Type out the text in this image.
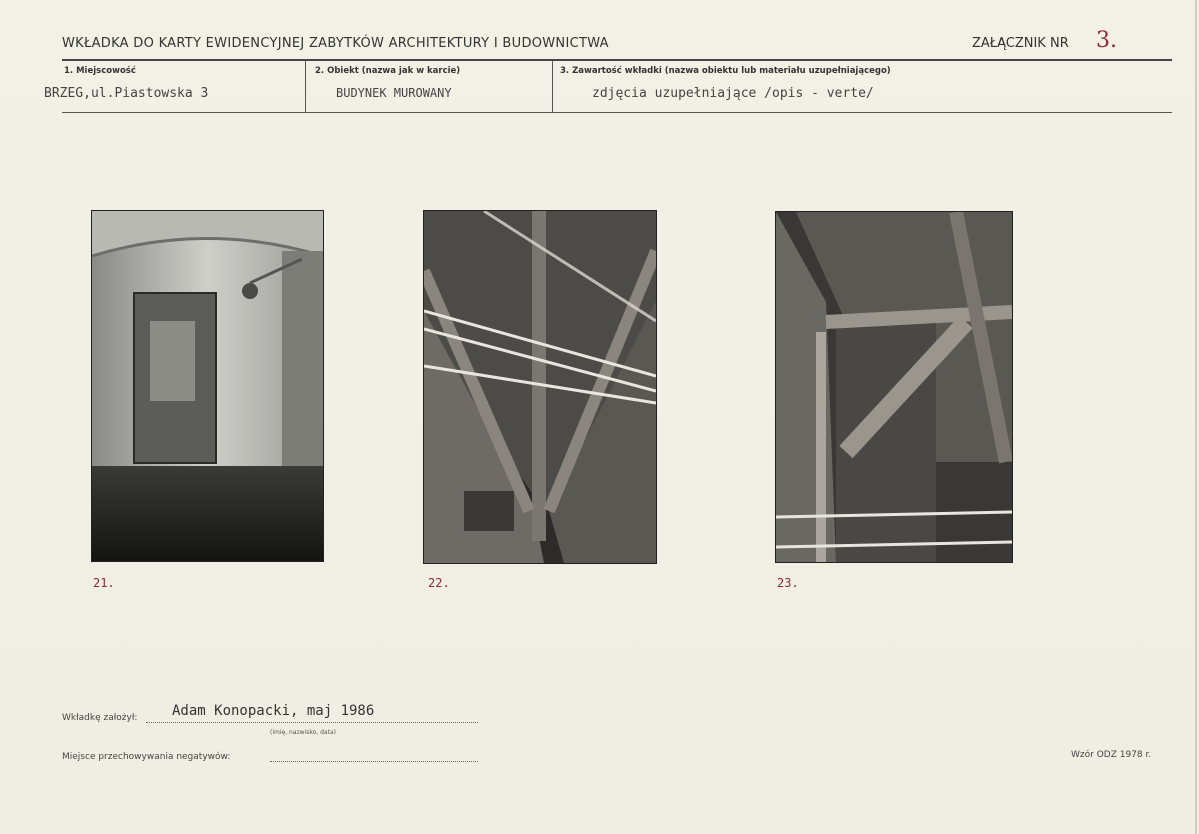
WKŁADKA DO KARTY EWIDENCYJNEJ ZABYTKÓW ARCHITEKTURY I BUDOWNICTWA	ZAŁĄCZNIK NR 3.
1. Miejscowość
BRZEG,ul.Piastowska 3
2. Obiekt (nazwa jak w karcie)
BUDYNEK MUROWANY
3. Zawartość wkładki (nazwa obiektu lub materiału uzupełniającego)
zdjęcia uzupełniające /opis - verte/
21.	22.	23.
Wkładkę założył: Adam Konopacki, maj 1986
(imię, nazwisko, data)
Miejsce przechowywania negatywów:	Wzór ODZ 1978 r.
